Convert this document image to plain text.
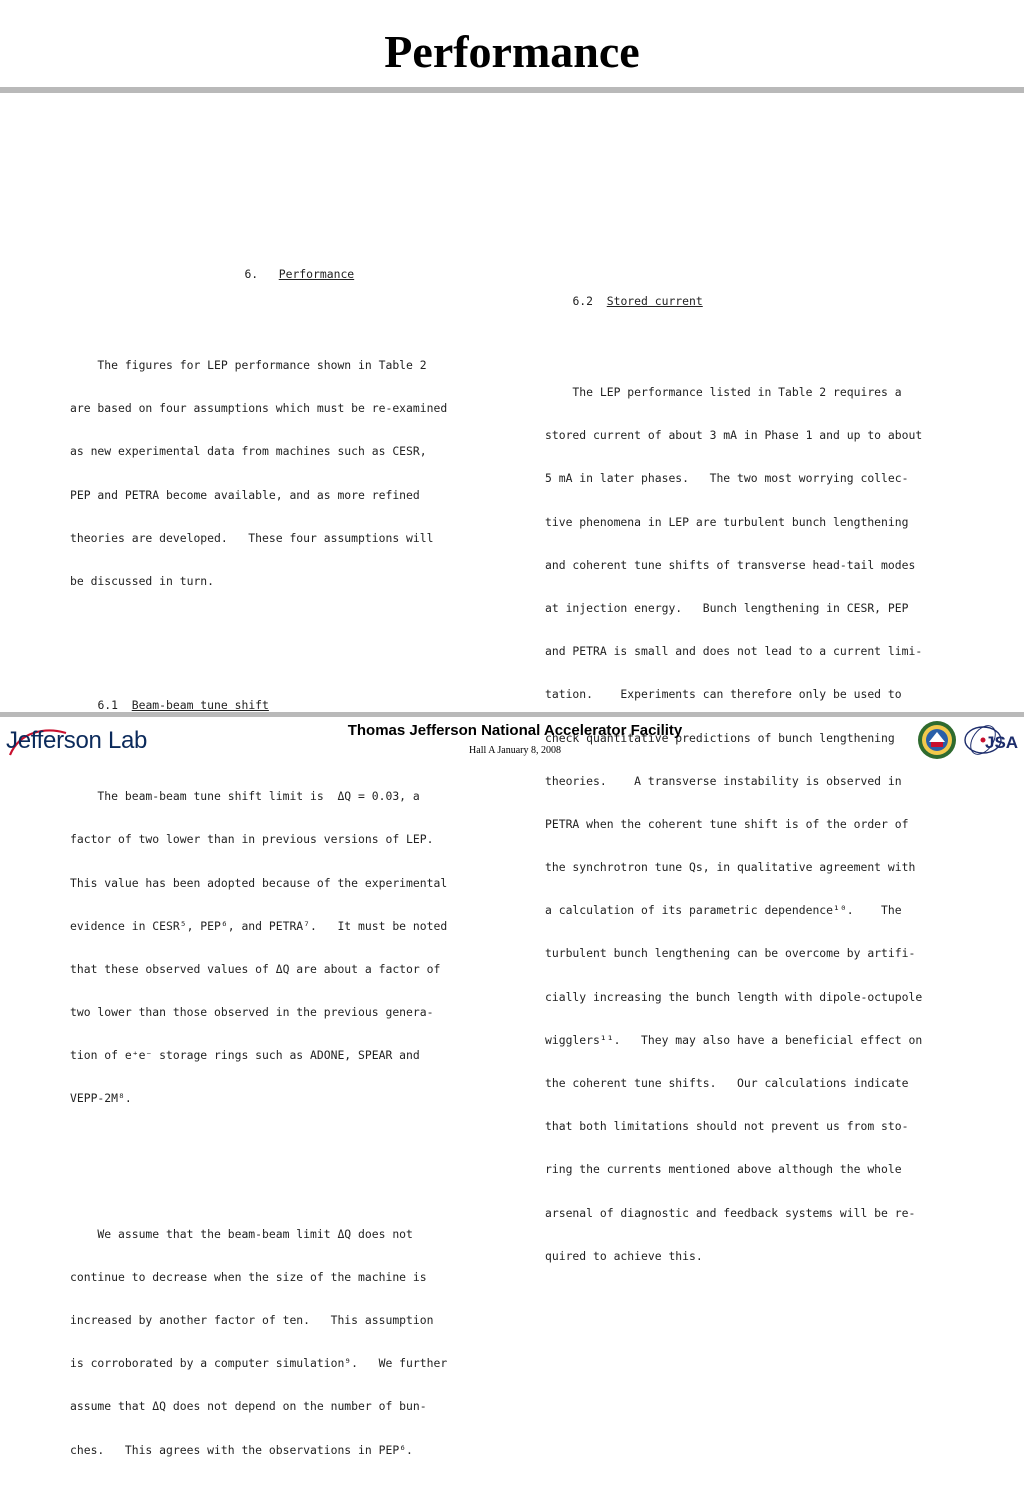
Performance

6. Performance

The figures for LEP performance shown in Table 2

are based on four assumptions which must be re-examined

as new experimental data from machines such as CESR,

PEP and PETRA become available, and as more refined

theories are developed.   These four assumptions will

be discussed in turn.

6.1 Beam-beam tune shift

The beam-beam tune shift limit is  ΔQ = 0.03, a

factor of two lower than in previous versions of LEP.

This value has been adopted because of the experimental

evidence in CESR⁵, PEP⁶, and PETRA⁷.   It must be noted

that these observed values of ΔQ are about a factor of

two lower than those observed in the previous genera-

tion of e⁺e⁻ storage rings such as ADONE, SPEAR and

VEPP-2M⁸.

We assume that the beam-beam limit ΔQ does not

continue to decrease when the size of the machine is

increased by another factor of ten.   This assumption

is corroborated by a computer simulation⁹.   We further

assume that ΔQ does not depend on the number of bun-

ches.   This agrees with the observations in PEP⁶.

6.2 Stored current

The LEP performance listed in Table 2 requires a

stored current of about 3 mA in Phase 1 and up to about

5 mA in later phases.   The two most worrying collec-

tive phenomena in LEP are turbulent bunch lengthening

and coherent tune shifts of transverse head-tail modes

at injection energy.   Bunch lengthening in CESR, PEP

and PETRA is small and does not lead to a current limi-

tation.    Experiments can therefore only be used to

check quantitative predictions of bunch lengthening

theories.    A transverse instability is observed in

PETRA when the coherent tune shift is of the order of

the synchrotron tune Qs, in qualitative agreement with

a calculation of its parametric dependence¹⁰.    The

turbulent bunch lengthening can be overcome by artifi-

cially increasing the bunch length with dipole-octupole

wigglers¹¹.   They may also have a beneficial effect on

the coherent tune shifts.   Our calculations indicate

that both limitations should not prevent us from sto-

ring the currents mentioned above although the whole

arsenal of diagnostic and feedback systems will be re-

quired to achieve this.

Jefferson Lab	Thomas Jefferson National Accelerator Facility
Hall A January 8, 2008	JSA
